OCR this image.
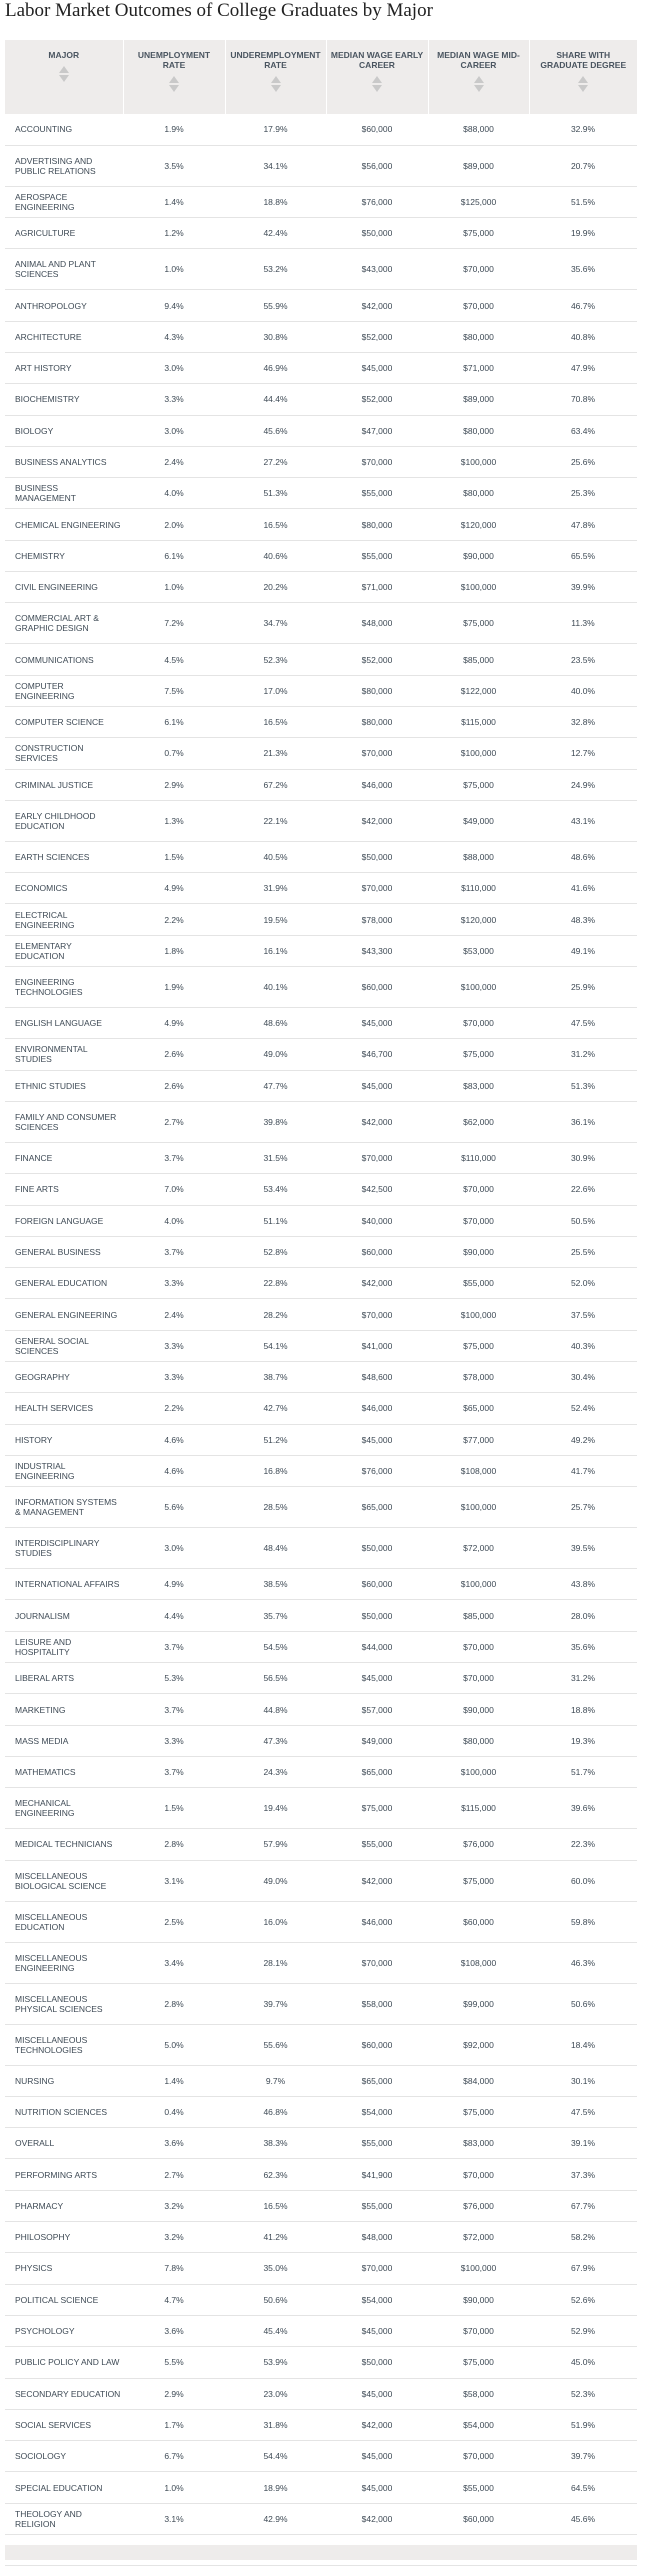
Labor Market Outcomes of College Graduates by Major
MAJOR	UNEMPLOYMENT RATE	UNDEREMPLOYMENT RATE	MEDIAN WAGE EARLY CAREER	MEDIAN WAGE MID-CAREER	SHARE WITH GRADUATE DEGREE

ACCOUNTING	1.9%	17.9%	$60,000	$88,000	32.9%
ADVERTISING AND PUBLIC RELATIONS	3.5%	34.1%	$56,000	$89,000	20.7%
AEROSPACE ENGINEERING	1.4%	18.8%	$76,000	$125,000	51.5%
AGRICULTURE	1.2%	42.4%	$50,000	$75,000	19.9%
ANIMAL AND PLANT SCIENCES	1.0%	53.2%	$43,000	$70,000	35.6%
ANTHROPOLOGY	9.4%	55.9%	$42,000	$70,000	46.7%
ARCHITECTURE	4.3%	30.8%	$52,000	$80,000	40.8%
ART HISTORY	3.0%	46.9%	$45,000	$71,000	47.9%
BIOCHEMISTRY	3.3%	44.4%	$52,000	$89,000	70.8%
BIOLOGY	3.0%	45.6%	$47,000	$80,000	63.4%
BUSINESS ANALYTICS	2.4%	27.2%	$70,000	$100,000	25.6%
BUSINESS MANAGEMENT	4.0%	51.3%	$55,000	$80,000	25.3%
CHEMICAL ENGINEERING	2.0%	16.5%	$80,000	$120,000	47.8%
CHEMISTRY	6.1%	40.6%	$55,000	$90,000	65.5%
CIVIL ENGINEERING	1.0%	20.2%	$71,000	$100,000	39.9%
COMMERCIAL ART & GRAPHIC DESIGN	7.2%	34.7%	$48,000	$75,000	11.3%
COMMUNICATIONS	4.5%	52.3%	$52,000	$85,000	23.5%
COMPUTER ENGINEERING	7.5%	17.0%	$80,000	$122,000	40.0%
COMPUTER SCIENCE	6.1%	16.5%	$80,000	$115,000	32.8%
CONSTRUCTION SERVICES	0.7%	21.3%	$70,000	$100,000	12.7%
CRIMINAL JUSTICE	2.9%	67.2%	$46,000	$75,000	24.9%
EARLY CHILDHOOD EDUCATION	1.3%	22.1%	$42,000	$49,000	43.1%
EARTH SCIENCES	1.5%	40.5%	$50,000	$88,000	48.6%
ECONOMICS	4.9%	31.9%	$70,000	$110,000	41.6%
ELECTRICAL ENGINEERING	2.2%	19.5%	$78,000	$120,000	48.3%
ELEMENTARY EDUCATION	1.8%	16.1%	$43,300	$53,000	49.1%
ENGINEERING TECHNOLOGIES	1.9%	40.1%	$60,000	$100,000	25.9%
ENGLISH LANGUAGE	4.9%	48.6%	$45,000	$70,000	47.5%
ENVIRONMENTAL STUDIES	2.6%	49.0%	$46,700	$75,000	31.2%
ETHNIC STUDIES	2.6%	47.7%	$45,000	$83,000	51.3%
FAMILY AND CONSUMER SCIENCES	2.7%	39.8%	$42,000	$62,000	36.1%
FINANCE	3.7%	31.5%	$70,000	$110,000	30.9%
FINE ARTS	7.0%	53.4%	$42,500	$70,000	22.6%
FOREIGN LANGUAGE	4.0%	51.1%	$40,000	$70,000	50.5%
GENERAL BUSINESS	3.7%	52.8%	$60,000	$90,000	25.5%
GENERAL EDUCATION	3.3%	22.8%	$42,000	$55,000	52.0%
GENERAL ENGINEERING	2.4%	28.2%	$70,000	$100,000	37.5%
GENERAL SOCIAL SCIENCES	3.3%	54.1%	$41,000	$75,000	40.3%
GEOGRAPHY	3.3%	38.7%	$48,600	$78,000	30.4%
HEALTH SERVICES	2.2%	42.7%	$46,000	$65,000	52.4%
HISTORY	4.6%	51.2%	$45,000	$77,000	49.2%
INDUSTRIAL ENGINEERING	4.6%	16.8%	$76,000	$108,000	41.7%
INFORMATION SYSTEMS & MANAGEMENT	5.6%	28.5%	$65,000	$100,000	25.7%
INTERDISCIPLINARY STUDIES	3.0%	48.4%	$50,000	$72,000	39.5%
INTERNATIONAL AFFAIRS	4.9%	38.5%	$60,000	$100,000	43.8%
JOURNALISM	4.4%	35.7%	$50,000	$85,000	28.0%
LEISURE AND HOSPITALITY	3.7%	54.5%	$44,000	$70,000	35.6%
LIBERAL ARTS	5.3%	56.5%	$45,000	$70,000	31.2%
MARKETING	3.7%	44.8%	$57,000	$90,000	18.8%
MASS MEDIA	3.3%	47.3%	$49,000	$80,000	19.3%
MATHEMATICS	3.7%	24.3%	$65,000	$100,000	51.7%
MECHANICAL ENGINEERING	1.5%	19.4%	$75,000	$115,000	39.6%
MEDICAL TECHNICIANS	2.8%	57.9%	$55,000	$76,000	22.3%
MISCELLANEOUS BIOLOGICAL SCIENCE	3.1%	49.0%	$42,000	$75,000	60.0%
MISCELLANEOUS EDUCATION	2.5%	16.0%	$46,000	$60,000	59.8%
MISCELLANEOUS ENGINEERING	3.4%	28.1%	$70,000	$108,000	46.3%
MISCELLANEOUS PHYSICAL SCIENCES	2.8%	39.7%	$58,000	$99,000	50.6%
MISCELLANEOUS TECHNOLOGIES	5.0%	55.6%	$60,000	$92,000	18.4%
NURSING	1.4%	9.7%	$65,000	$84,000	30.1%
NUTRITION SCIENCES	0.4%	46.8%	$54,000	$75,000	47.5%
OVERALL	3.6%	38.3%	$55,000	$83,000	39.1%
PERFORMING ARTS	2.7%	62.3%	$41,900	$70,000	37.3%
PHARMACY	3.2%	16.5%	$55,000	$76,000	67.7%
PHILOSOPHY	3.2%	41.2%	$48,000	$72,000	58.2%
PHYSICS	7.8%	35.0%	$70,000	$100,000	67.9%
POLITICAL SCIENCE	4.7%	50.6%	$54,000	$90,000	52.6%
PSYCHOLOGY	3.6%	45.4%	$45,000	$70,000	52.9%
PUBLIC POLICY AND LAW	5.5%	53.9%	$50,000	$75,000	45.0%
SECONDARY EDUCATION	2.9%	23.0%	$45,000	$58,000	52.3%
SOCIAL SERVICES	1.7%	31.8%	$42,000	$54,000	51.9%
SOCIOLOGY	6.7%	54.4%	$45,000	$70,000	39.7%
SPECIAL EDUCATION	1.0%	18.9%	$45,000	$55,000	64.5%
THEOLOGY AND RELIGION	3.1%	42.9%	$42,000	$60,000	45.6%
